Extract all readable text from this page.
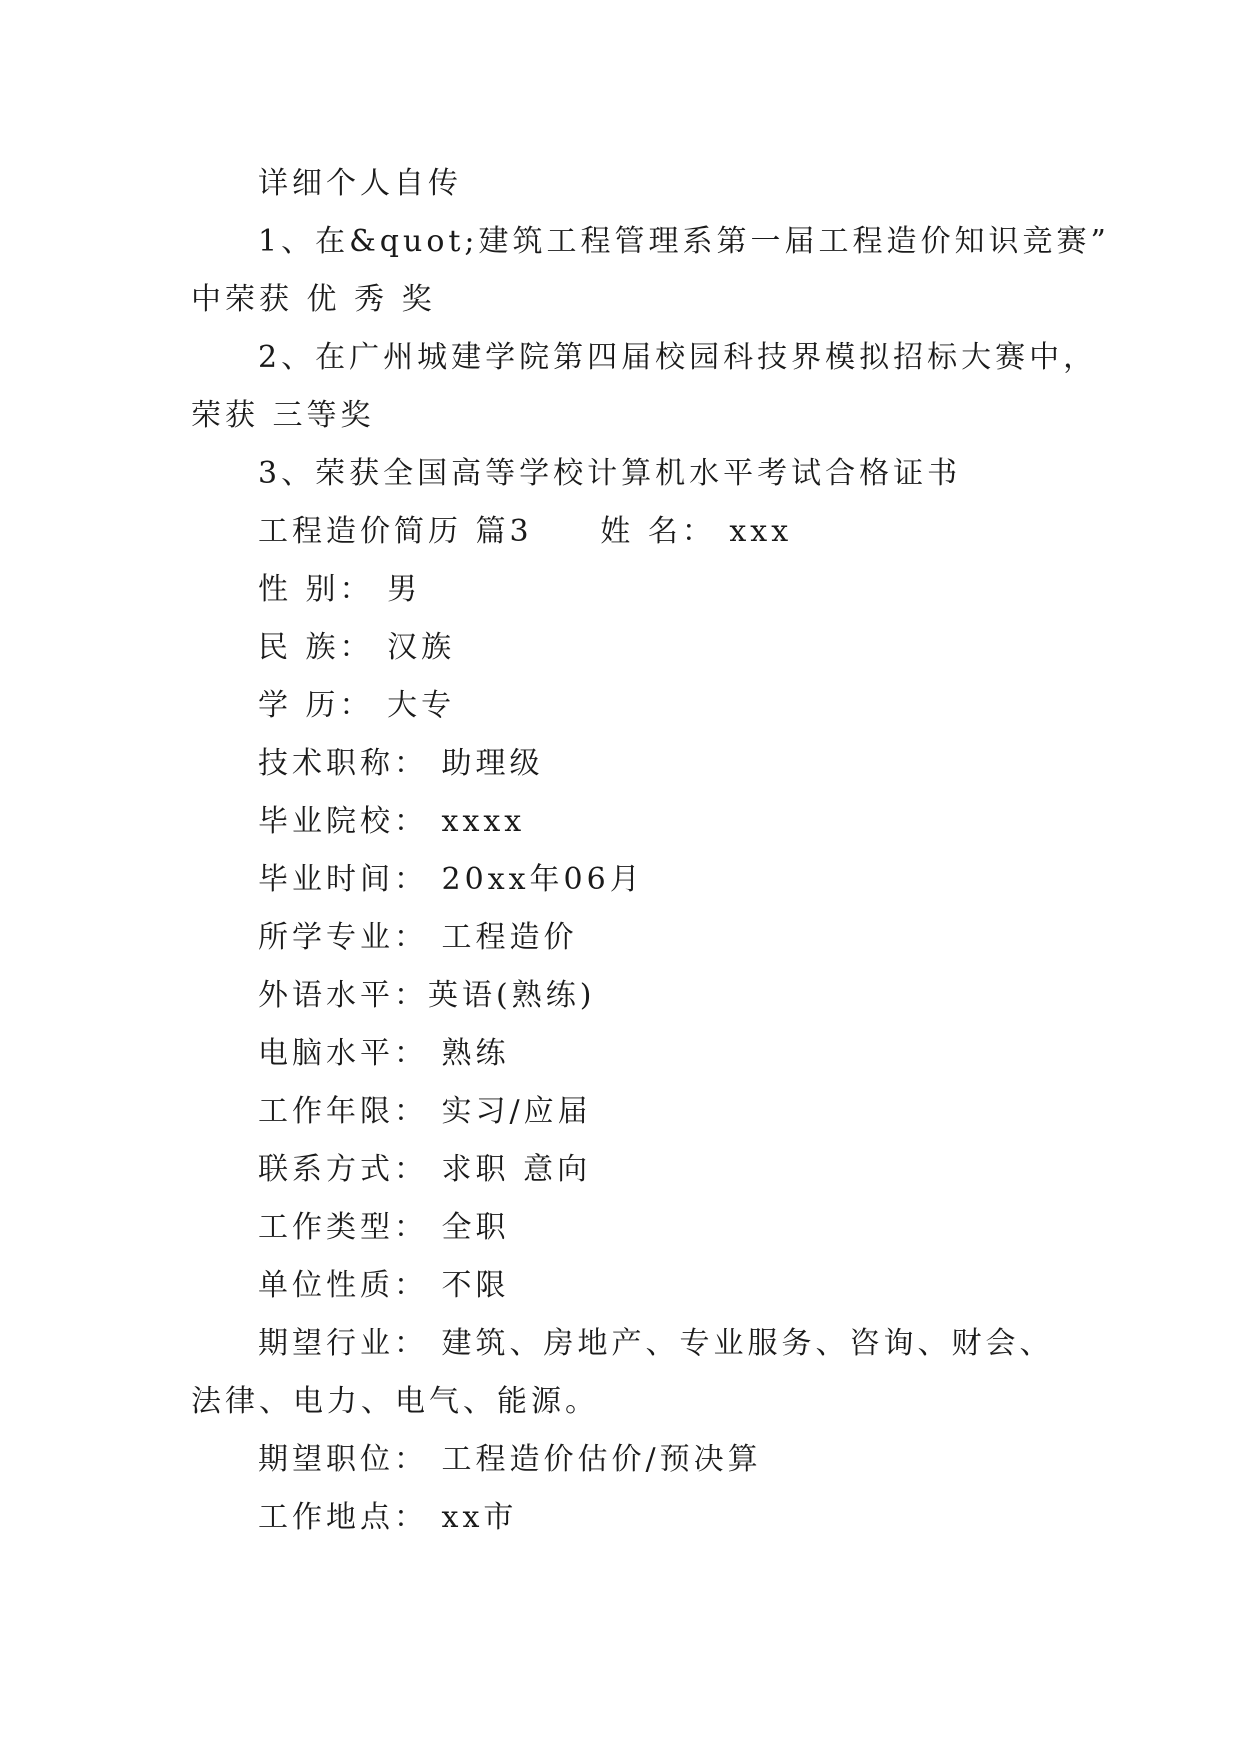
详细个人自传
1、在&quot;建筑工程管理系第一届工程造价知识竞赛”
中荣获 优 秀 奖
2、在广州城建学院第四届校园科技界模拟招标大赛中，
荣获 三等奖
3、荣获全国高等学校计算机水平考试合格证书
工程造价简历 篇3     姓 名： xxx
性 别： 男
民 族： 汉族
学 历： 大专
技术职称： 助理级
毕业院校： xxxx
毕业时间： 20xx年06月
所学专业： 工程造价
外语水平：英语(熟练)
电脑水平： 熟练
工作年限： 实习/应届
联系方式： 求职 意向
工作类型： 全职
单位性质： 不限
期望行业： 建筑、房地产、专业服务、咨询、财会、
法律、电力、电气、能源。
期望职位： 工程造价估价/预决算
工作地点： xx市
